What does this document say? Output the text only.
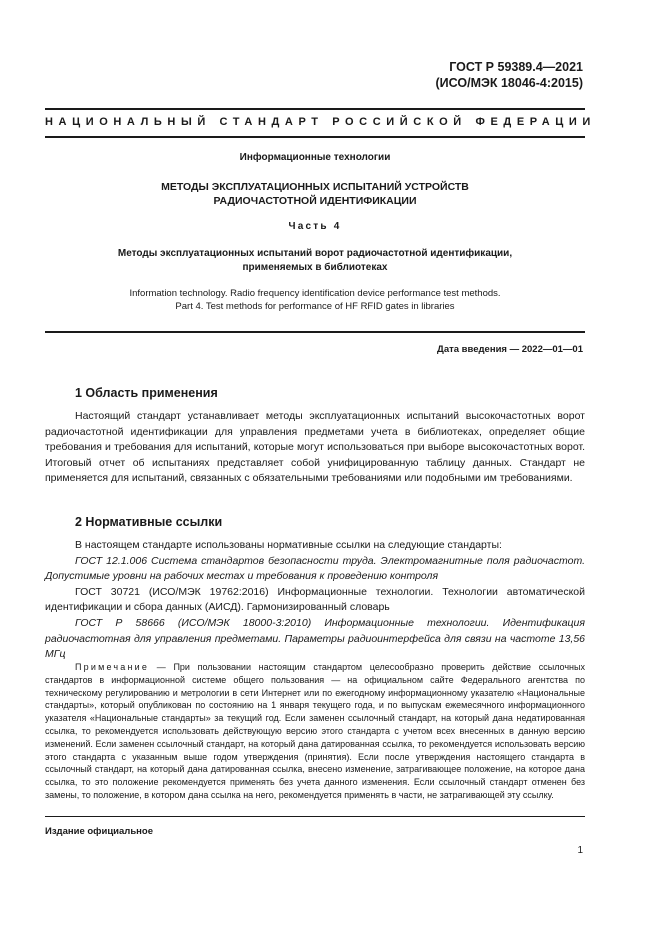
ГОСТ Р 59389.4—2021
(ИСО/МЭК 18046-4:2015)
НАЦИОНАЛЬНЫЙ СТАНДАРТ РОССИЙСКОЙ ФЕДЕРАЦИИ
Информационные технологии
МЕТОДЫ ЭКСПЛУАТАЦИОННЫХ ИСПЫТАНИЙ УСТРОЙСТВ
РАДИОЧАСТОТНОЙ ИДЕНТИФИКАЦИИ
Часть 4
Методы эксплуатационных испытаний ворот радиочастотной идентификации,
применяемых в библиотеках
Information technology. Radio frequency identification device performance test methods.
Part 4. Test methods for performance of HF RFID gates in libraries
Дата введения — 2022—01—01
1 Область применения

Настоящий стандарт устанавливает методы эксплуатационных испытаний высокочастотных ворот радиочастотной идентификации для управления предметами учета в библиотеках, определяет общие требования и требования для испытаний, которые могут использоваться при выборе высокочастотных ворот. Итоговый отчет об испытаниях представляет собой унифицированную таблицу данных. Стандарт не применяется для испытаний, связанных с обязательными требованиями или подобными им требованиями.

2 Нормативные ссылки

В настоящем стандарте использованы нормативные ссылки на следующие стандарты:

ГОСТ 12.1.006 Система стандартов безопасности труда. Электромагнитные поля радиочастот. Допустимые уровни на рабочих местах и требования к проведению контроля

ГОСТ 30721 (ИСО/МЭК 19762:2016) Информационные технологии. Технологии автоматической идентификации и сбора данных (АИСД). Гармонизированный словарь

ГОСТ Р 58666 (ИСО/МЭК 18000-3:2010) Информационные технологии. Идентификация радиочастотная для управления предметами. Параметры радиоинтерфейса для связи на частоте 13,56 МГц

Примечание — При пользовании настоящим стандартом целесообразно проверить действие ссылочных стандартов в информационной системе общего пользования — на официальном сайте Федерального агентства по техническому регулированию и метрологии в сети Интернет или по ежегодному информационному указателю «Национальные стандарты», который опубликован по состоянию на 1 января текущего года, и по выпускам ежемесячного информационного указателя «Национальные стандарты» за текущий год. Если заменен ссылочный стандарт, на который дана недатированная ссылка, то рекомендуется использовать действующую версию этого стандарта с учетом всех внесенных в данную версию изменений. Если заменен ссылочный стандарт, на который дана датированная ссылка, то рекомендуется использовать версию этого стандарта с указанным выше годом утверждения (принятия). Если после утверждения настоящего стандарта в ссылочный стандарт, на который дана датированная ссылка, внесено изменение, затрагивающее положение, на которое дана ссылка, то это положение рекомендуется применять без учета данного изменения. Если ссылочный стандарт отменен без замены, то положение, в котором дана ссылка на него, рекомендуется применять в части, не затрагивающей эту ссылку.

Издание официальное
1
